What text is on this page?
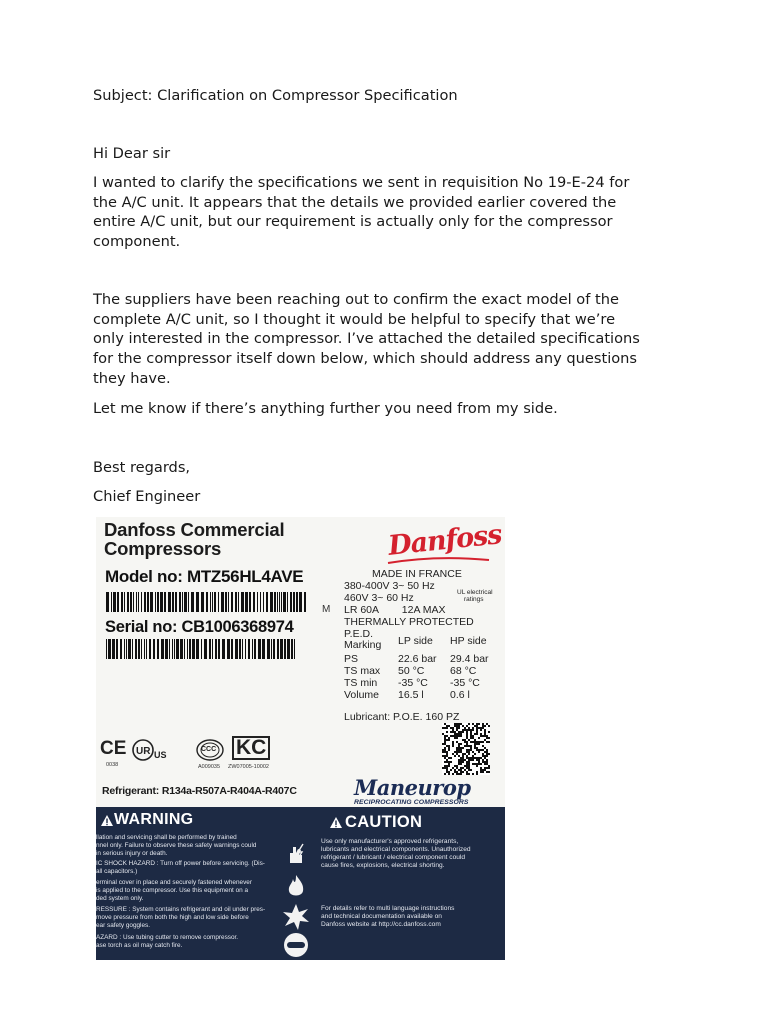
Subject: Clarification on Compressor Specification

Hi Dear sir

I wanted to clarify the specifications we sent in requisition No 19-E-24 for

the A/C unit. It appears that the details we provided earlier covered the

entire A/C unit, but our requirement is actually only for the compressor

component.

The suppliers have been reaching out to confirm the exact model of the

complete A/C unit, so I thought it would be helpful to specify that we’re

only interested in the compressor. I’ve attached the detailed specifications

for the compressor itself down below, which should address any questions

they have.

Let me know if there’s anything further you need from my side.

Best regards,

Chief Engineer

Danfoss Commercial
Compressors
Model no: MTZ56HL4AVE
Serial no: CB1006368974
Danfoss
MADE IN FRANCE
380-400V 3~ 50 Hz
460V 3~ 60 Hz	UL electrical
ratings
M LR 60A        12A MAX
THERMALLY PROTECTED
P.E.D.
Marking LP side HP side
PS	22.6 bar 29.4 bar
TS max 50 °C 68 °C
TS min -35 °C -35 °C
Volume 16.5 l	0.6 l
Lubricant: P.O.E. 160 PZ
CE UR US
CCC KC
0038	A009035 ZW07005-10002
Refrigerant: R134a-R507A-R404A-R407C	Maneurop
RECIPROCATING COMPRESSORS
WARNING
llation and servicing shall be performed by trained
nnel only. Failure to observe these safety warnings could
in serious injury or death.
IC SHOCK HAZARD : Turn off power before servicing. (Dis-
all capacitors.)
erminal cover in place and securely fastened whenever
is applied to the compressor. Use this equipment on a
ded system only.
RESSURE : System contains refrigerant and oil under pres-
move pressure from both the high and low side before
ear safety goggles.
AZARD : Use tubing cutter to remove compressor.
ase torch as oil may catch fire.
CAUTION
Use only manufacturer's approved refrigerants,
lubricants and electrical components. Unauthorized
refrigerant / lubricant / electrical component could
cause fires, explosions, electrical shorting.
For details refer to multi language instructions
and technical documentation available on
Danfoss website at http://cc.danfoss.com
